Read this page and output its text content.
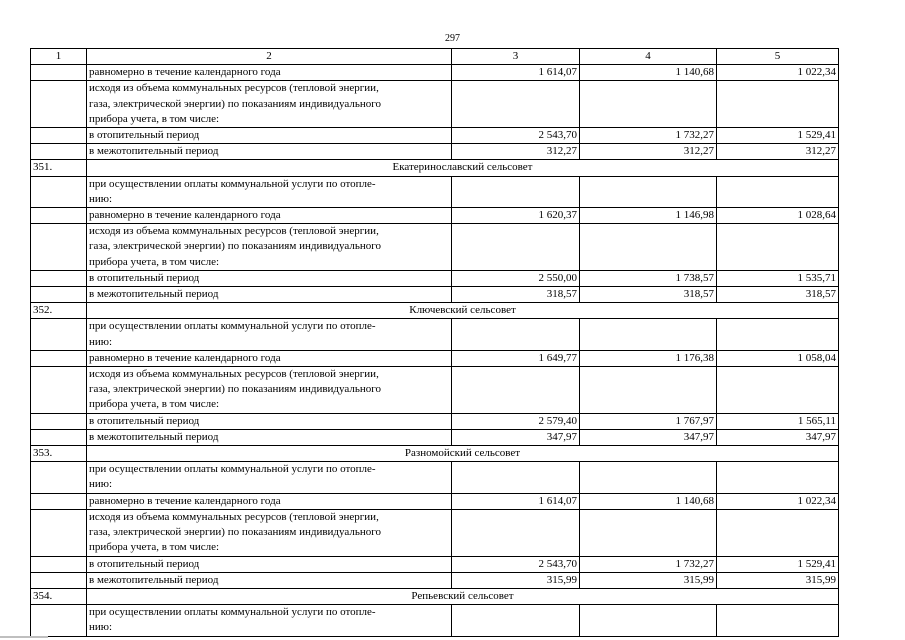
297
1	2	3	4	5
	равномерно в течение календарного года	1 614,07	1 140,68	1 022,34

	исходя из объема коммунальных ресурсов (тепловой энергии,
газа, электрической энергии) по показаниям индивидуального
прибора учета, в том числе:			

	в отопительный период	2 543,70	1 732,27	1 529,41
	в межотопительный период	312,27	312,27	312,27
351.	Екатеринославский сельсовет			

	при осуществлении оплаты коммунальной услуги по отопле-
нию:			

	равномерно в течение календарного года	1 620,37	1 146,98	1 028,64

	исходя из объема коммунальных ресурсов (тепловой энергии,
газа, электрической энергии) по показаниям индивидуального
прибора учета, в том числе:			

	в отопительный период	2 550,00	1 738,57	1 535,71
	в межотопительный период	318,57	318,57	318,57
352.	Ключевский сельсовет			

	при осуществлении оплаты коммунальной услуги по отопле-
нию:			

	равномерно в течение календарного года	1 649,77	1 176,38	1 058,04

	исходя из объема коммунальных ресурсов (тепловой энергии,
газа, электрической энергии) по показаниям индивидуального
прибора учета, в том числе:			

	в отопительный период	2 579,40	1 767,97	1 565,11
	в межотопительный период	347,97	347,97	347,97
353.	Разномойский сельсовет			

	при осуществлении оплаты коммунальной услуги по отопле-
нию:			

	равномерно в течение календарного года	1 614,07	1 140,68	1 022,34

	исходя из объема коммунальных ресурсов (тепловой энергии,
газа, электрической энергии) по показаниям индивидуального
прибора учета, в том числе:			

	в отопительный период	2 543,70	1 732,27	1 529,41
	в межотопительный период	315,99	315,99	315,99
354.	Репьевский сельсовет			

	при осуществлении оплаты коммунальной услуги по отопле-
нию:			
